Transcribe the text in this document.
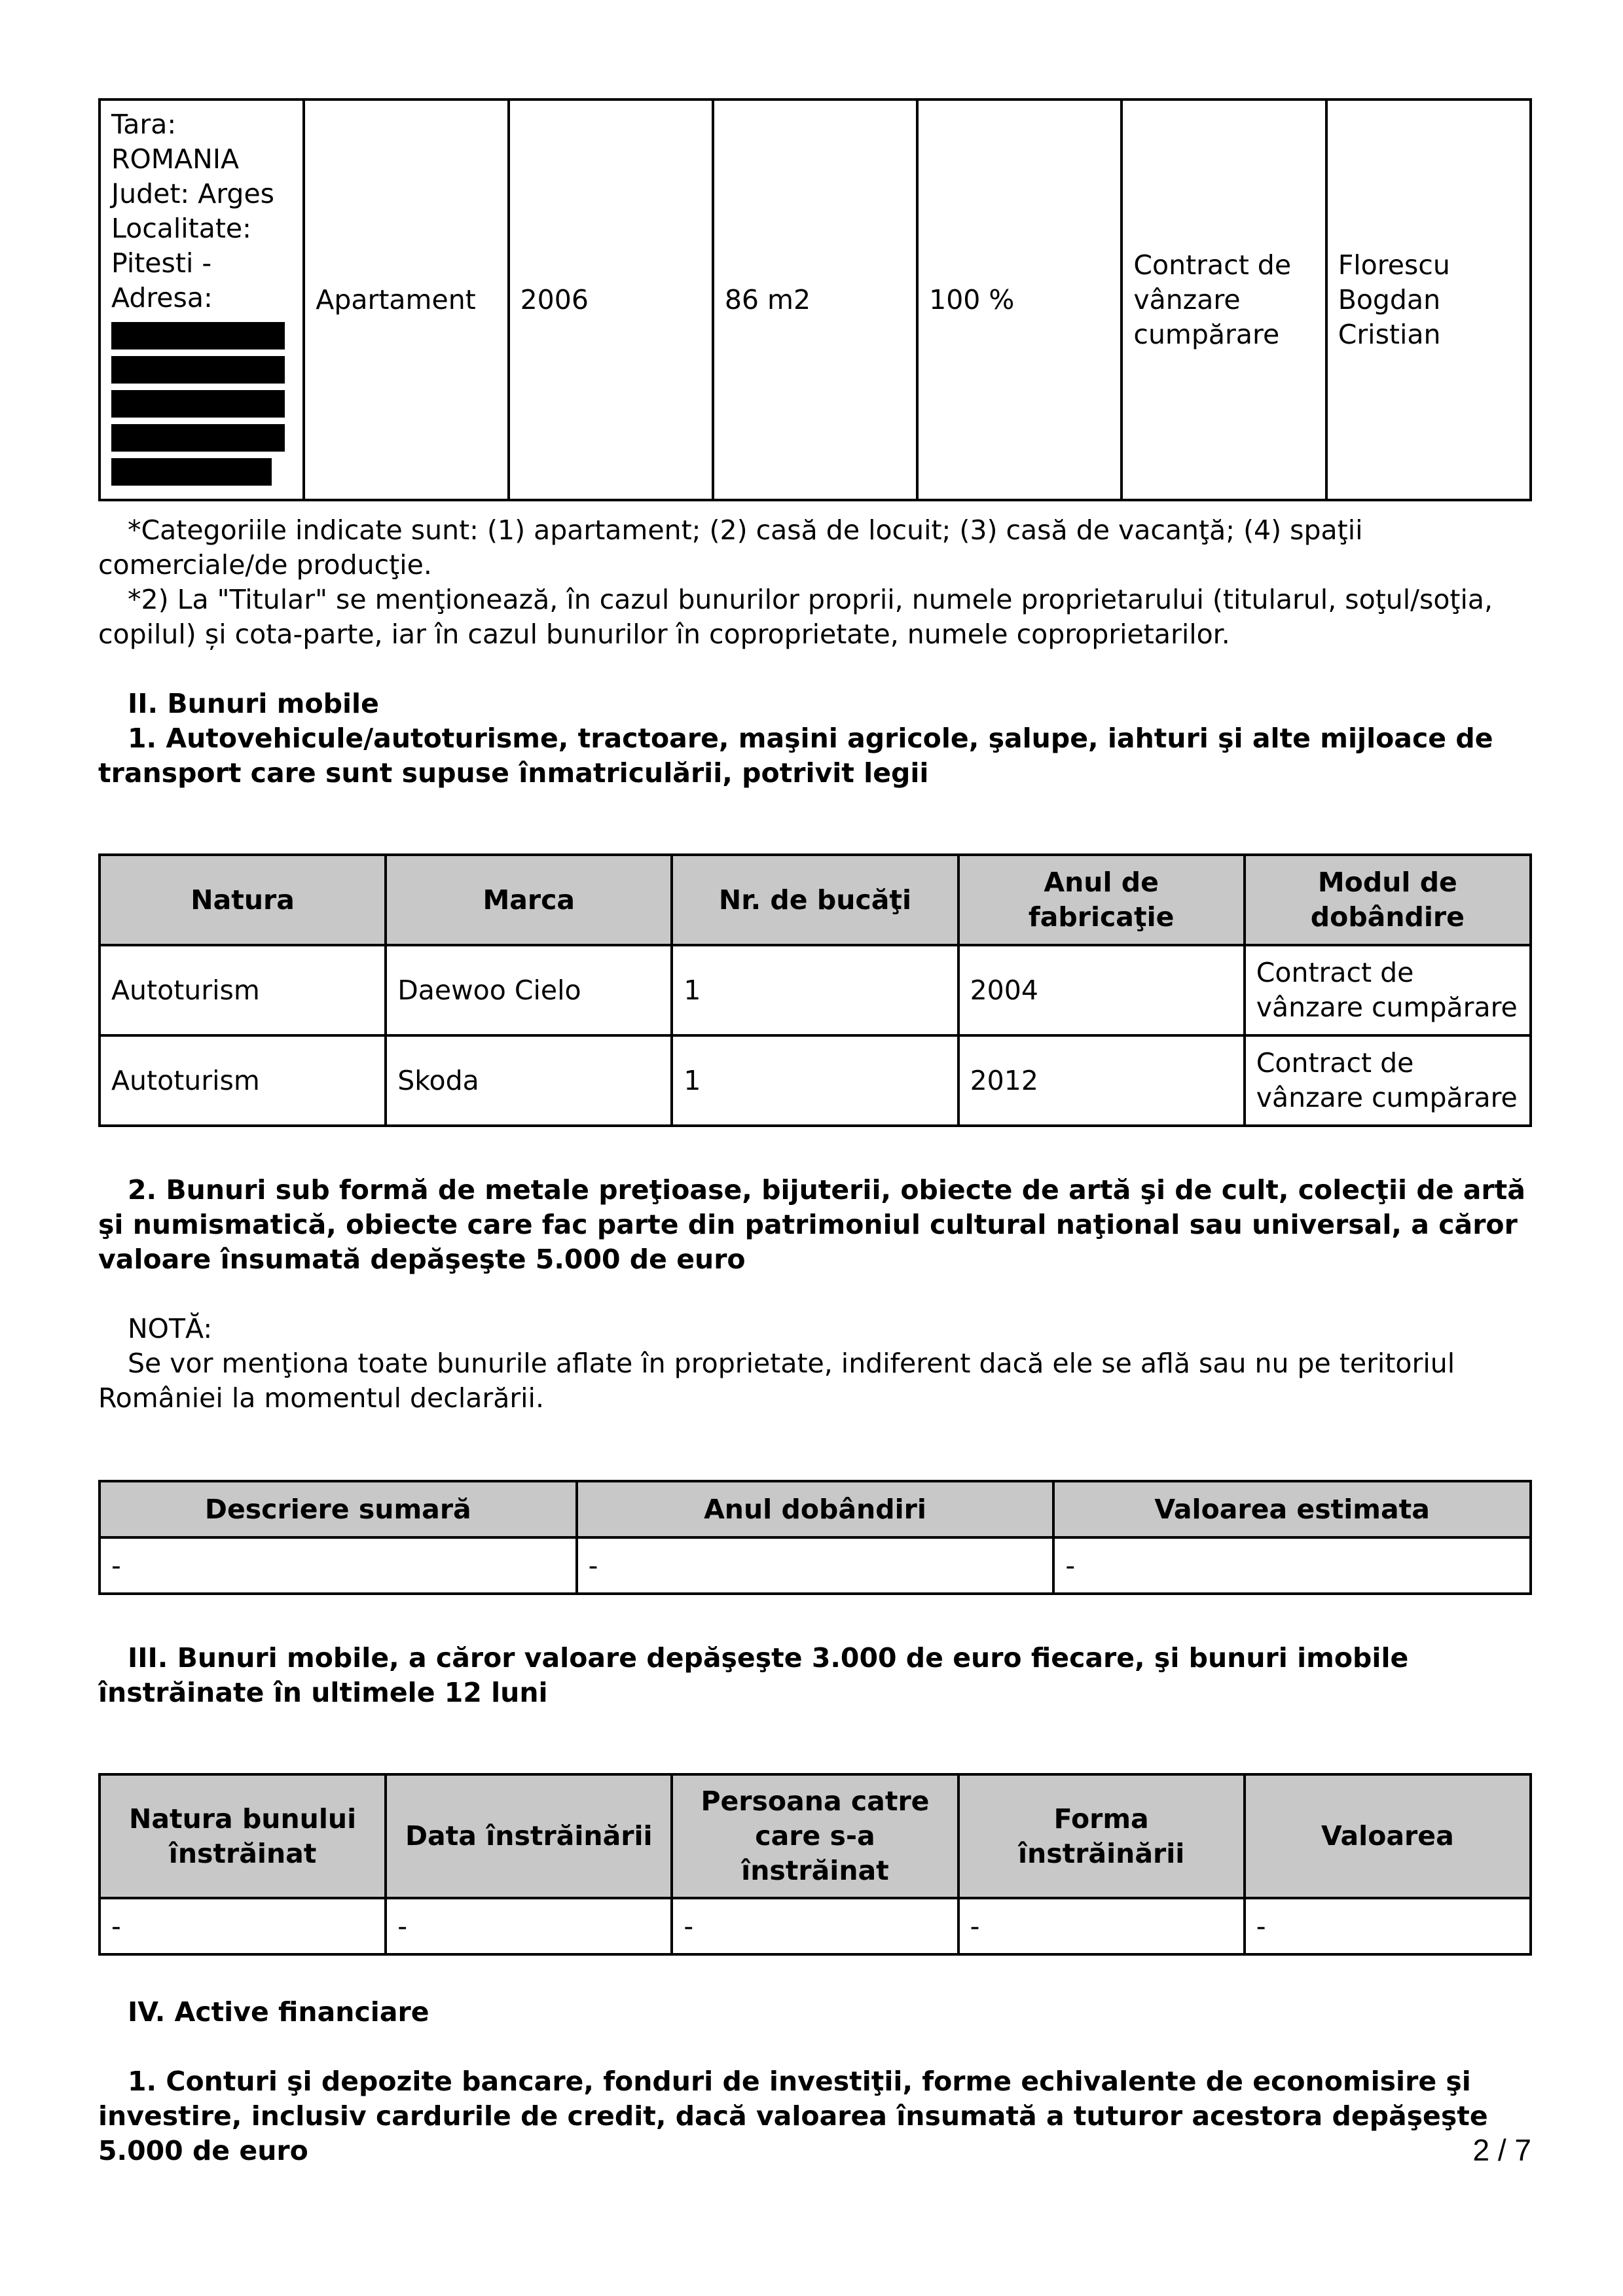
Tara:
ROMANIA
Judet: Arges
Localitate:
Pitesti -
Adresa:	Apartament	2006	86 m2	100 %	Contract de vânzare cumpărare	Florescu Bogdan Cristian

*Categoriile indicate sunt: (1) apartament; (2) casă de locuit; (3) casă de vacanţă; (4) spaţii comerciale/de producţie.

*2) La "Titular" se menţionează, în cazul bunurilor proprii, numele proprietarului (titularul, soţul/soţia, copilul) și cota-parte, iar în cazul bunurilor în coproprietate, numele coproprietarilor.

II. Bunuri mobile

1. Autovehicule/autoturisme, tractoare, maşini agricole, şalupe, iahturi şi alte mijloace de transport care sunt supuse înmatriculării, potrivit legii

Natura	Marca	Nr. de bucăţi	Anul de fabricaţie	Modul de dobândire
Autoturism	Daewoo Cielo	1	2004	Contract de vânzare cumpărare
Autoturism	Skoda	1	2012	Contract de vânzare cumpărare

2. Bunuri sub formă de metale preţioase, bijuterii, obiecte de artă şi de cult, colecţii de artă şi numismatică, obiecte care fac parte din patrimoniul cultural naţional sau universal, a căror valoare însumată depăşeşte 5.000 de euro

NOTĂ:

Se vor menţiona toate bunurile aflate în proprietate, indiferent dacă ele se află sau nu pe teritoriul României la momentul declarării.

Descriere sumară	Anul dobândiri	Valoarea estimata
-	-	-

III. Bunuri mobile, a căror valoare depăşeşte 3.000 de euro fiecare, şi bunuri imobile înstrăinate în ultimele 12 luni

Natura bunului înstrăinat	Data înstrăinării	Persoana catre care s-a înstrăinat	Forma înstrăinării	Valoarea
-	-	-	-	-

IV. Active financiare

1. Conturi şi depozite bancare, fonduri de investiţii, forme echivalente de economisire şi investire, inclusiv cardurile de credit, dacă valoarea însumată a tuturor acestora depăşeşte 5.000 de euro	2 / 7
